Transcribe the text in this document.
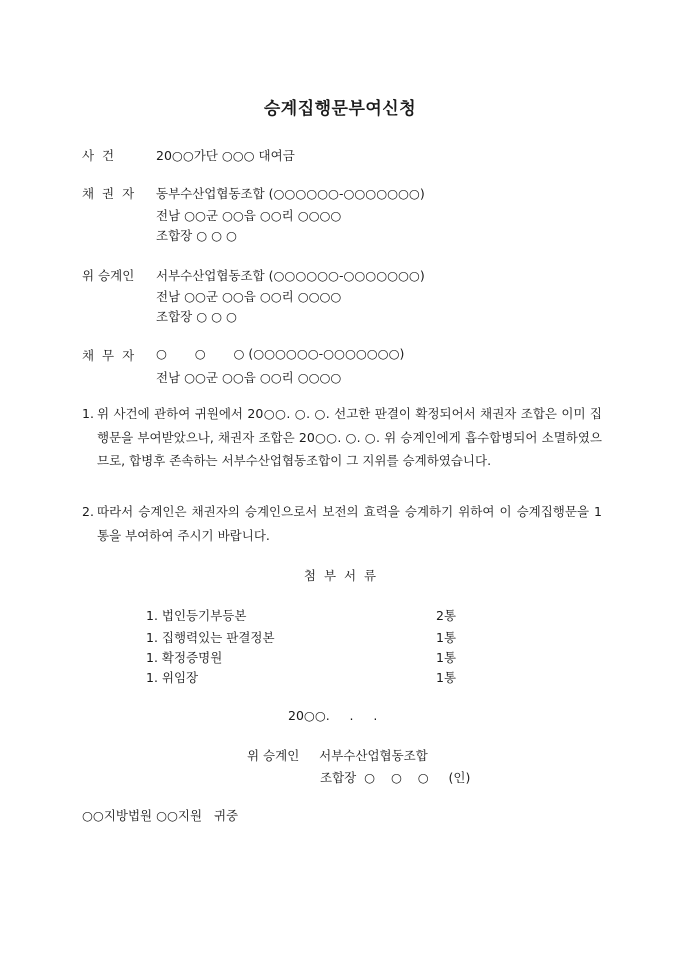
승계집행문부여신청
사 건	20○○가단 ○○○ 대여금
채 권 자 동부수산업협동조합 (○○○○○○-○○○○○○○)
전남 ○○군 ○○읍 ○○리 ○○○○
조합장 ○ ○ ○
위 승계인 서부수산업협동조합 (○○○○○○-○○○○○○○)
전남 ○○군 ○○읍 ○○리 ○○○○
조합장 ○ ○ ○
채 무 자 ○       ○       ○ (○○○○○○-○○○○○○○)
전남 ○○군 ○○읍 ○○리 ○○○○
1. 위 사건에 관하여 귀원에서 20○○. ○. ○. 선고한 판결이 확정되어서 채권자 조합은 이미 집행문을 부여받았으나, 채권자 조합은 20○○. ○. ○. 위 승계인에게 흡수합병되어 소멸하였으므로, 합병후 존속하는 서부수산업협동조합이 그 지위를 승계하였습니다.
2. 따라서 승계인은 채권자의 승계인으로서 보전의 효력을 승계하기 위하여 이 승계집행문을 1통을 부여하여 주시기 바랍니다.
첨  부  서  류
1. 법인등기부등본	2통
1. 집행력있는 판결정본	1통
1. 확정증명원	1통
1. 위임장	1통
20○○.     .     .
위 승계인     서부수산업협동조합
조합장  ○    ○    ○     (인)
○○지방법원 ○○지원   귀중
